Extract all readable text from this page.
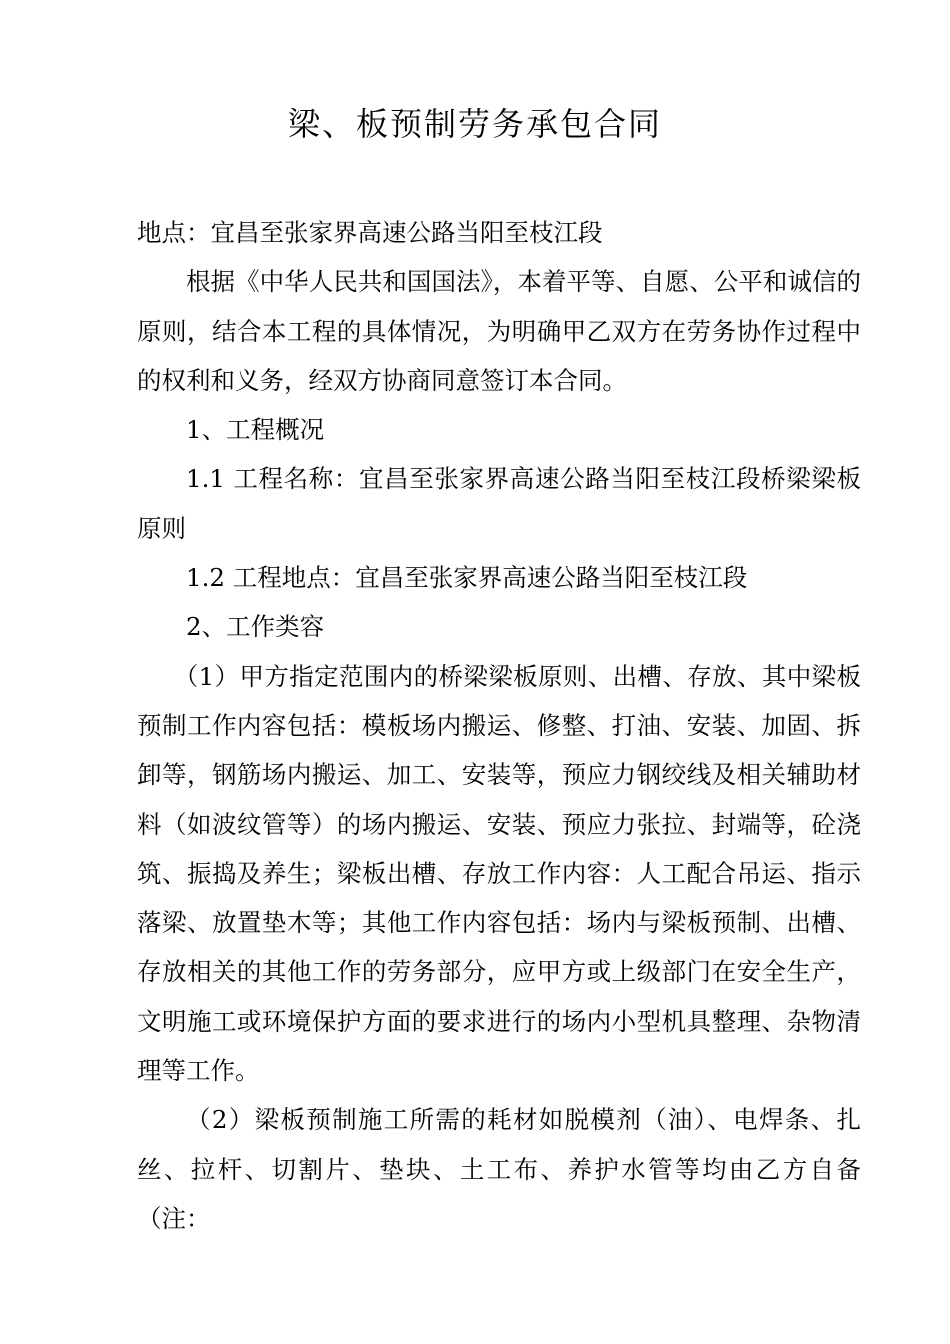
梁、板预制劳务承包合同

地点：宜昌至张家界高速公路当阳至枝江段

根据《中华人民共和国国法》，本着平等、自愿、公平和诚信的原则，结合本工程的具体情况，为明确甲乙双方在劳务协作过程中的权利和义务，经双方协商同意签订本合同。

1、工程概况

1.1 工程名称：宜昌至张家界高速公路当阳至枝江段桥梁梁板原则

1.2 工程地点：宜昌至张家界高速公路当阳至枝江段

2、工作类容

（1）甲方指定范围内的桥梁梁板原则、出槽、存放、其中梁板预制工作内容包括：模板场内搬运、修整、打油、安装、加固、拆卸等，钢筋场内搬运、加工、安装等，预应力钢绞线及相关辅助材料（如波纹管等）的场内搬运、安装、预应力张拉、封端等，砼浇筑、振捣及养生；梁板出槽、存放工作内容：人工配合吊运、指示落梁、放置垫木等；其他工作内容包括：场内与梁板预制、出槽、存放相关的其他工作的劳务部分，应甲方或上级部门在安全生产，文明施工或环境保护方面的要求进行的场内小型机具整理、杂物清理等工作。

（2）梁板预制施工所需的耗材如脱模剂（油）、电焊条、扎丝、拉杆、切割片、垫块、土工布、养护水管等均由乙方自备（注：
